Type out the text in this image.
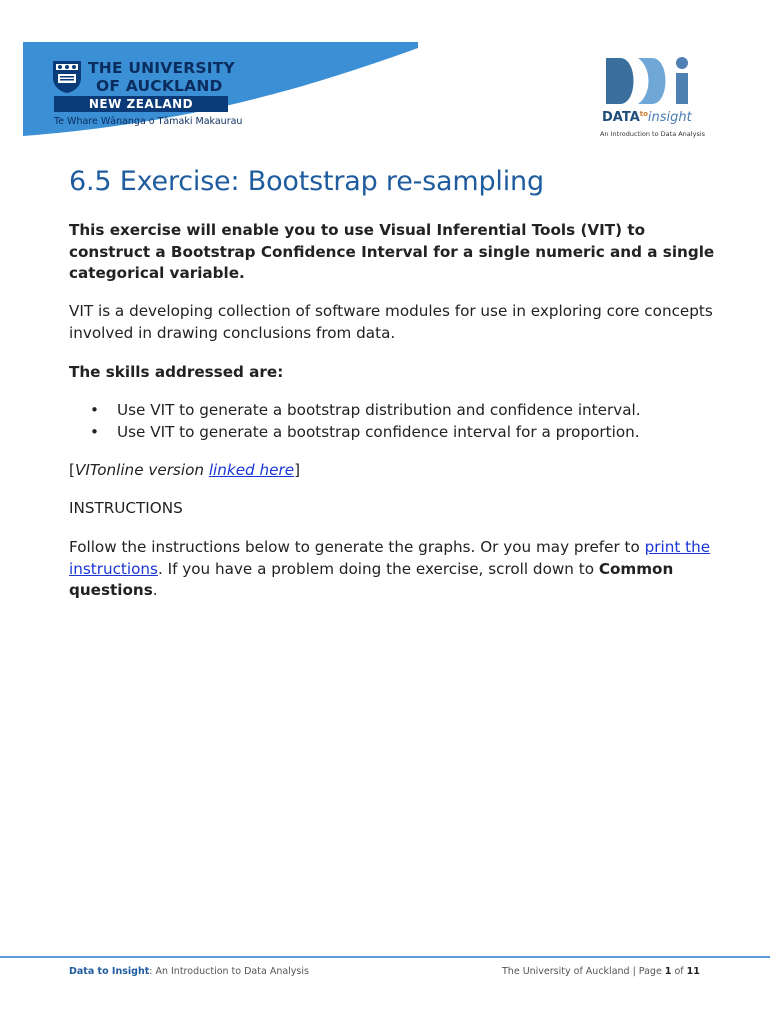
THE UNIVERSITY
OF AUCKLAND
NEW ZEALAND
Te Whare Wānanga o Tāmaki Makaurau	$DATA^{to}insight$
An Introduction to Data Analysis
6.5 Exercise: Bootstrap re-sampling

This exercise will enable you to use Visual Inferential Tools (VIT) to construct a Bootstrap Confidence Interval for a single numeric and a single categorical variable.

VIT is a developing collection of software modules for use in exploring core concepts involved in drawing conclusions from data.

The skills addressed are:

• Use VIT to generate a bootstrap distribution and confidence interval.
• Use VIT to generate a bootstrap confidence interval for a proportion.

[VITonline version linked here]

INSTRUCTIONS

Follow the instructions below to generate the graphs. Or you may prefer to print the instructions. If you have a problem doing the exercise, scroll down to Common questions.

Data to Insight: An Introduction to Data Analysis	The University of Auckland | Page 1 of 11
